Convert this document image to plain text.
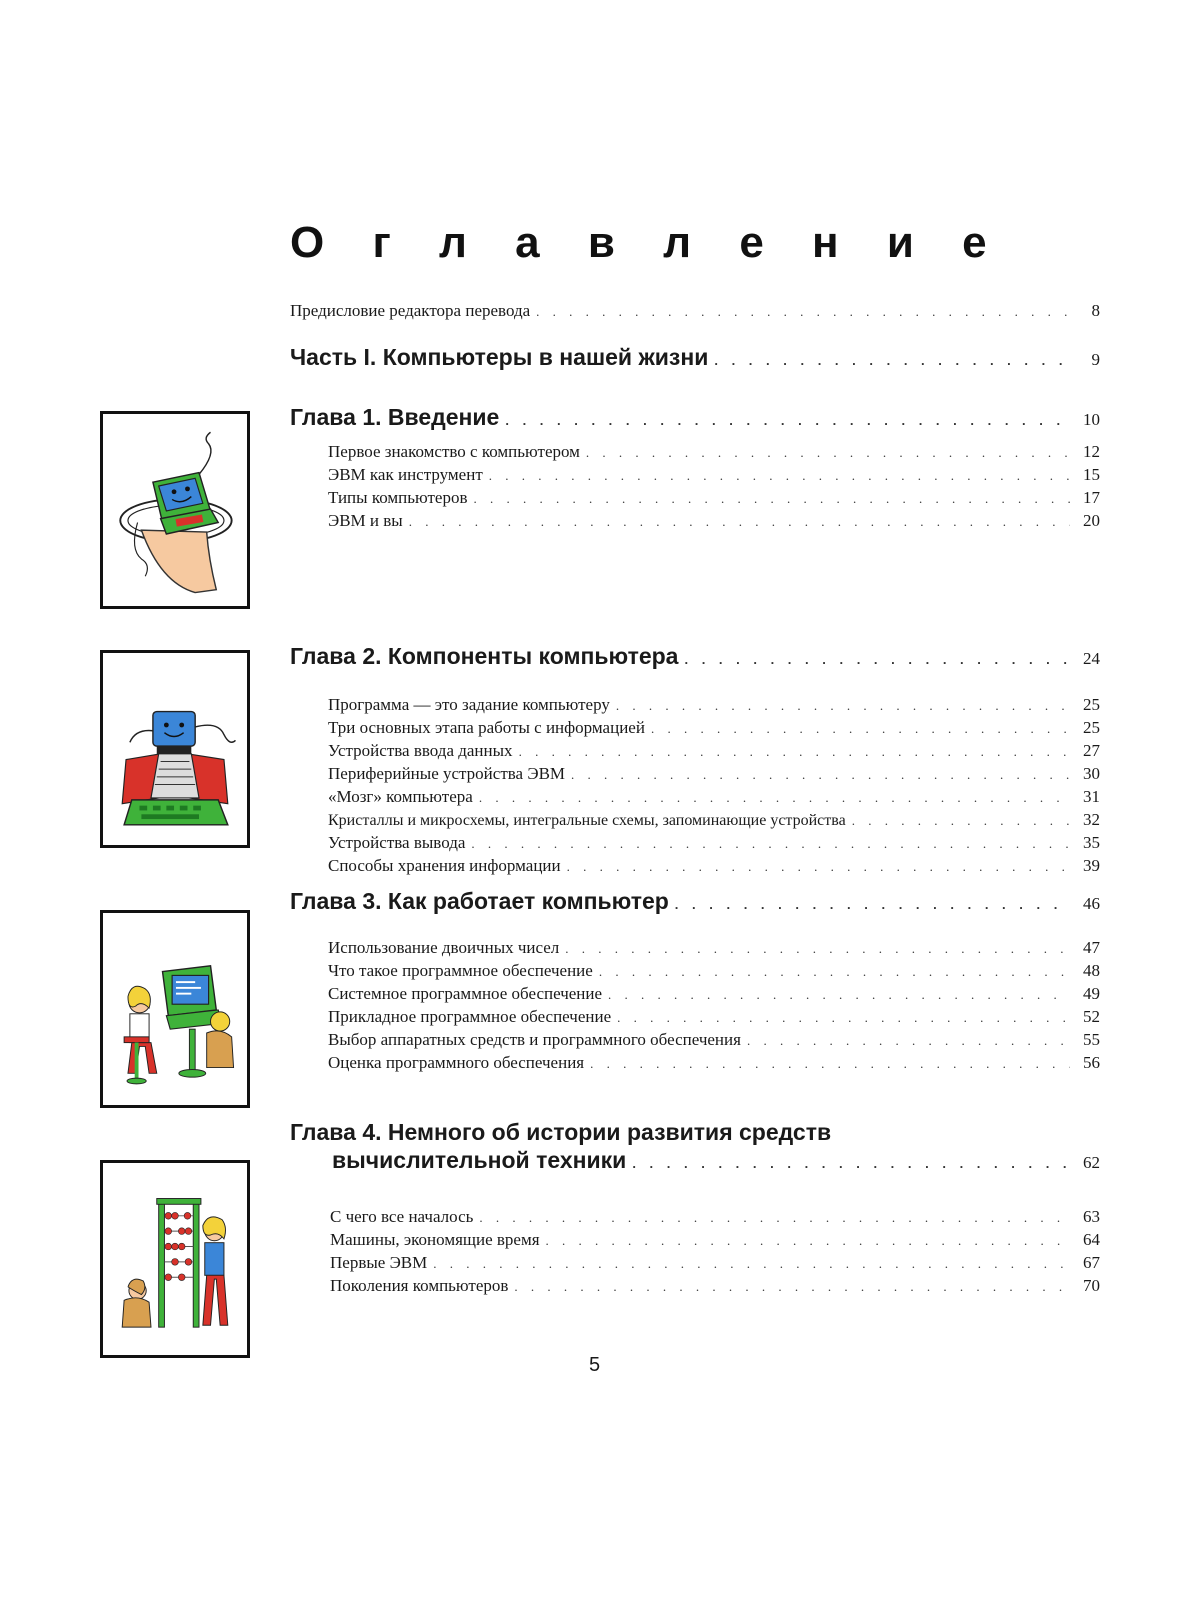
О г л а в л е н и е
Предисловие редактора перевода . . .	8
Часть I. Компьютеры в нашей жизни . . .	9
Глава 1. Введение . . .	10
Первое знакомство с компьютером . . .	12
ЭВМ как инструмент . . .	15
Типы компьютеров . . .	17
ЭВМ и вы . . .	20
Глава 2. Компоненты компьютера . . .	24
Программа — это задание компьютеру . . .	25
Три основных этапа работы с информацией . . .	25
Устройства ввода данных . . .	27
Периферийные устройства ЭВМ . . .	30
«Мозг» компьютера . . .	31
Кристаллы и микросхемы, интегральные схемы, запоминающие устройства . . .	32
Устройства вывода . . .	35
Способы хранения информации . . .	39
Глава 3. Как работает компьютер . . .	46
Использование двоичных чисел . . .	47
Что такое программное обеспечение . . .	48
Системное программное обеспечение . . .	49
Прикладное программное обеспечение . . .	52
Выбор аппаратных средств и программного обеспечения . . .	55
Оценка программного обеспечения . . .	56
Глава 4. Немного об истории развития средств
вычислительной техники . . .	62
С чего все началось . . .	63
Машины, экономящие время . . .	64
Первые ЭВМ . . .	67
Поколения компьютеров . . .	70
5
